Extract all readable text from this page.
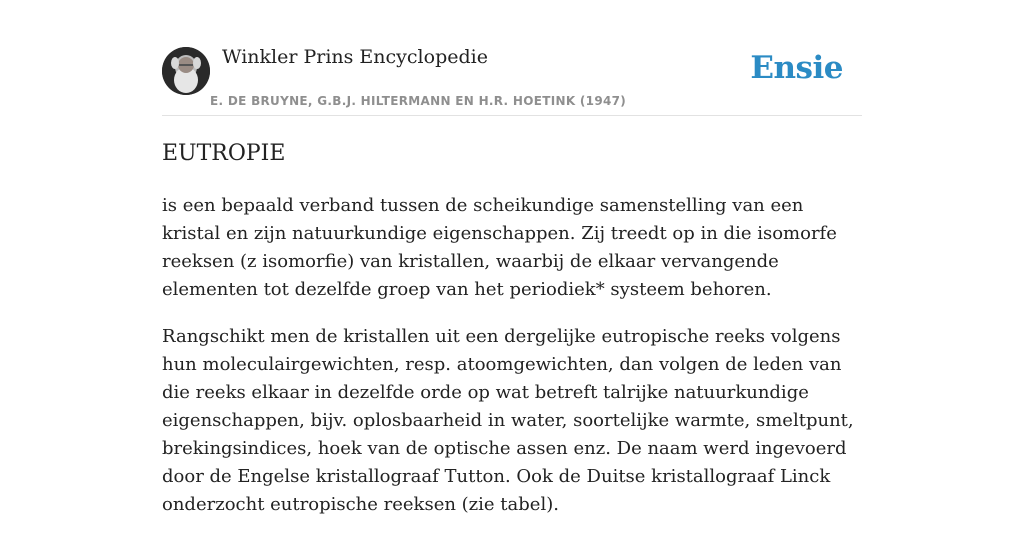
Winkler Prins Encyclopedie
E. DE BRUYNE, G.B.J. HILTERMANN EN H.R. HOETINK (1947)
Ensie
EUTROPIE

is een bepaald verband tussen de scheikundige samenstelling van een kristal en zijn natuurkundige eigenschappen. Zij treedt op in die isomorfe reeksen (z isomorfie) van kristallen, waarbij de elkaar vervangende elementen tot dezelfde groep van het periodiek* systeem behoren.

Rangschikt men de kristallen uit een dergelijke eutropische reeks volgens hun moleculairgewichten, resp. atoomgewichten, dan volgen de leden van die reeks elkaar in dezelfde orde op wat betreft talrijke natuurkundige eigenschappen, bijv. oplosbaarheid in water, soortelijke warmte, smeltpunt, brekingsindices, hoek van de optische assen enz. De naam werd ingevoerd door de Engelse kristallograaf Tutton. Ook de Duitse kristallograaf Linck onderzocht eutropische reeksen (zie tabel).
